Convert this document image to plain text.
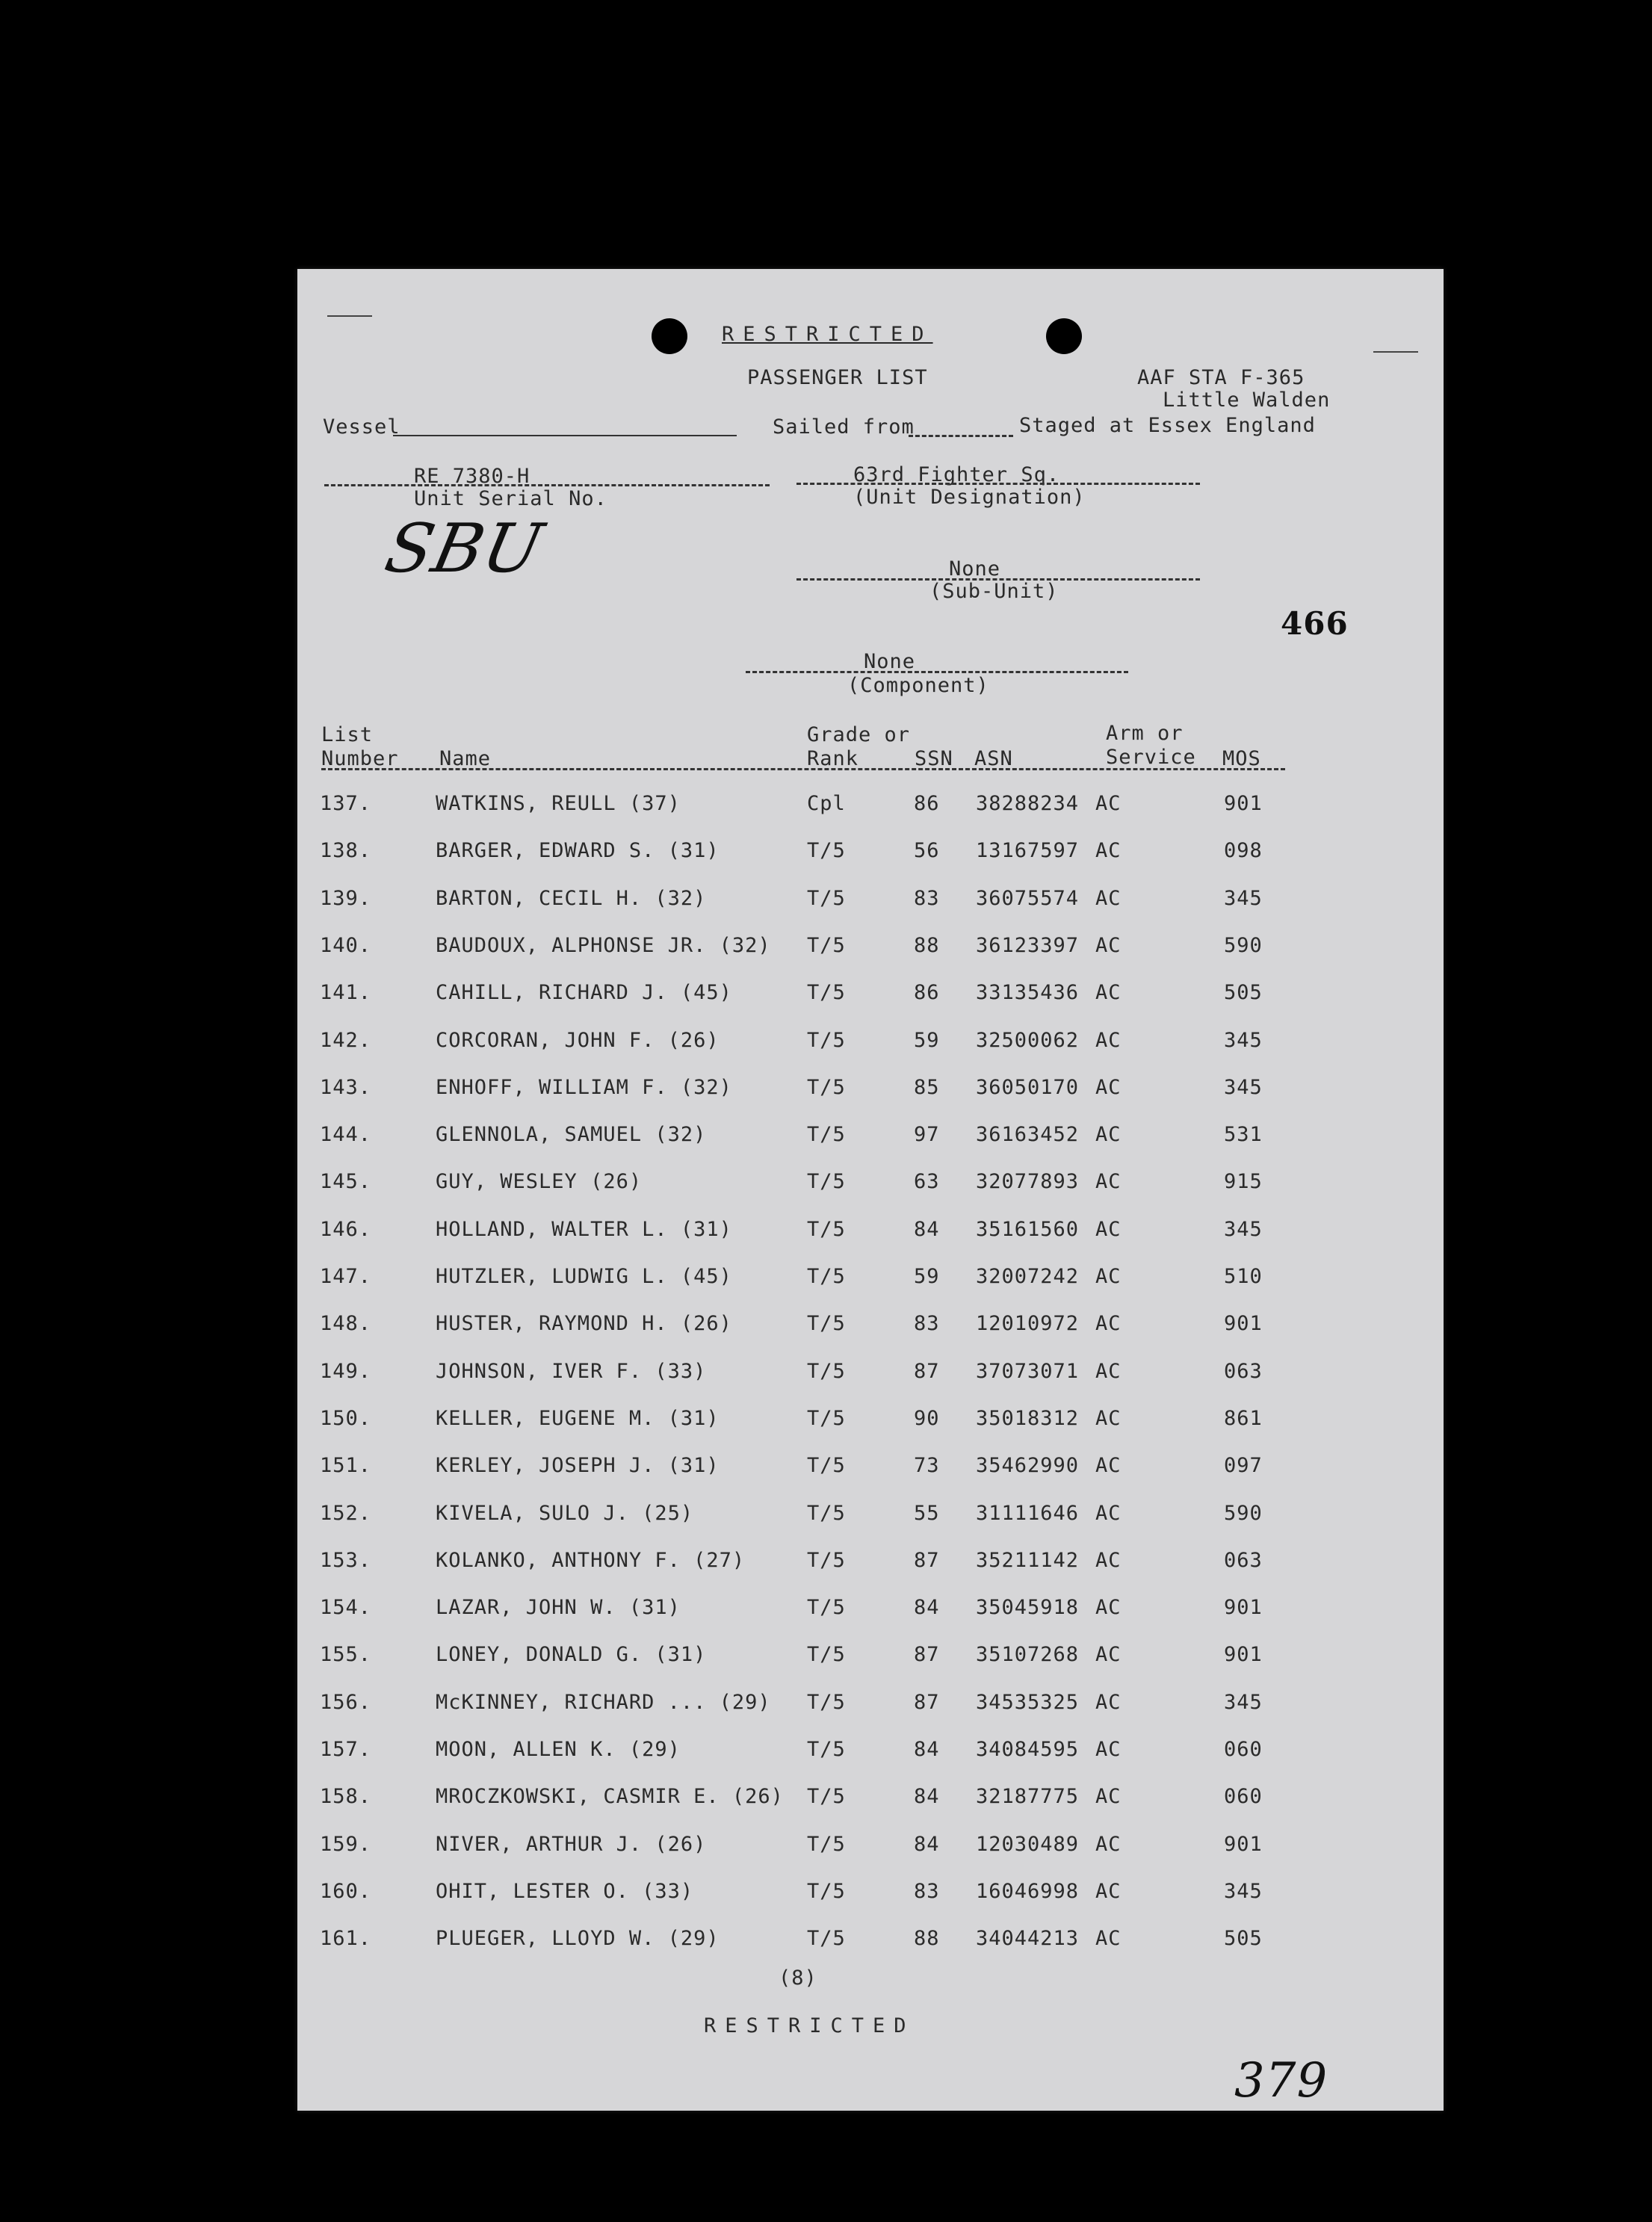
RESTRICTED
PASSENGER LIST	AAF STA F-365
Little Walden
Vessel	Sailed from	Staged at Essex England
RE 7380-H
Unit Serial No.
63rd Fighter Sq.
(Unit Designation)
SBU	None
(Sub-Unit)
466
None
(Component)
List
Number Name
Grade or
Rank	SSN ASN
Arm or
Service MOS
137.	WATKINS, REULL (37)	Cpl	86 38288234 AC	901
138.	BARGER, EDWARD S. (31)	T/5	56 13167597 AC	098
139.	BARTON, CECIL H. (32)	T/5	83 36075574 AC	345
140.	BAUDOUX, ALPHONSE JR. (32) T/5	88 36123397 AC	590
141.	CAHILL, RICHARD J. (45)	T/5	86 33135436 AC	505
142.	CORCORAN, JOHN F. (26)	T/5	59 32500062 AC	345
143.	ENHOFF, WILLIAM F. (32)	T/5	85 36050170 AC	345
144.	GLENNOLA, SAMUEL (32)	T/5	97 36163452 AC	531
145.	GUY, WESLEY (26)	T/5	63 32077893 AC	915
146.	HOLLAND, WALTER L. (31)	T/5	84 35161560 AC	345
147.	HUTZLER, LUDWIG L. (45)	T/5	59 32007242 AC	510
148.	HUSTER, RAYMOND H. (26)	T/5	83 12010972 AC	901
149.	JOHNSON, IVER F. (33)	T/5	87 37073071 AC	063
150.	KELLER, EUGENE M. (31)	T/5	90 35018312 AC	861
151.	KERLEY, JOSEPH J. (31)	T/5	73 35462990 AC	097
152.	KIVELA, SULO J. (25)	T/5	55 31111646 AC	590
153.	KOLANKO, ANTHONY F. (27)	T/5	87 35211142 AC	063
154.	LAZAR, JOHN W. (31)	T/5	84 35045918 AC	901
155.	LONEY, DONALD G. (31)	T/5	87 35107268 AC	901
156.	McKINNEY, RICHARD ... (29) T/5	87 34535325 AC	345
157.	MOON, ALLEN K. (29)	T/5	84 34084595 AC	060
158.	MROCZKOWSKI, CASMIR E. (26) T/5	84 32187775 AC	060
159.	NIVER, ARTHUR J. (26)	T/5	84 12030489 AC	901
160.	OHIT, LESTER O. (33)	T/5	83 16046998 AC	345
161.	PLUEGER, LLOYD W. (29)	T/5	88 34044213 AC	505
(8)
RESTRICTED
379
